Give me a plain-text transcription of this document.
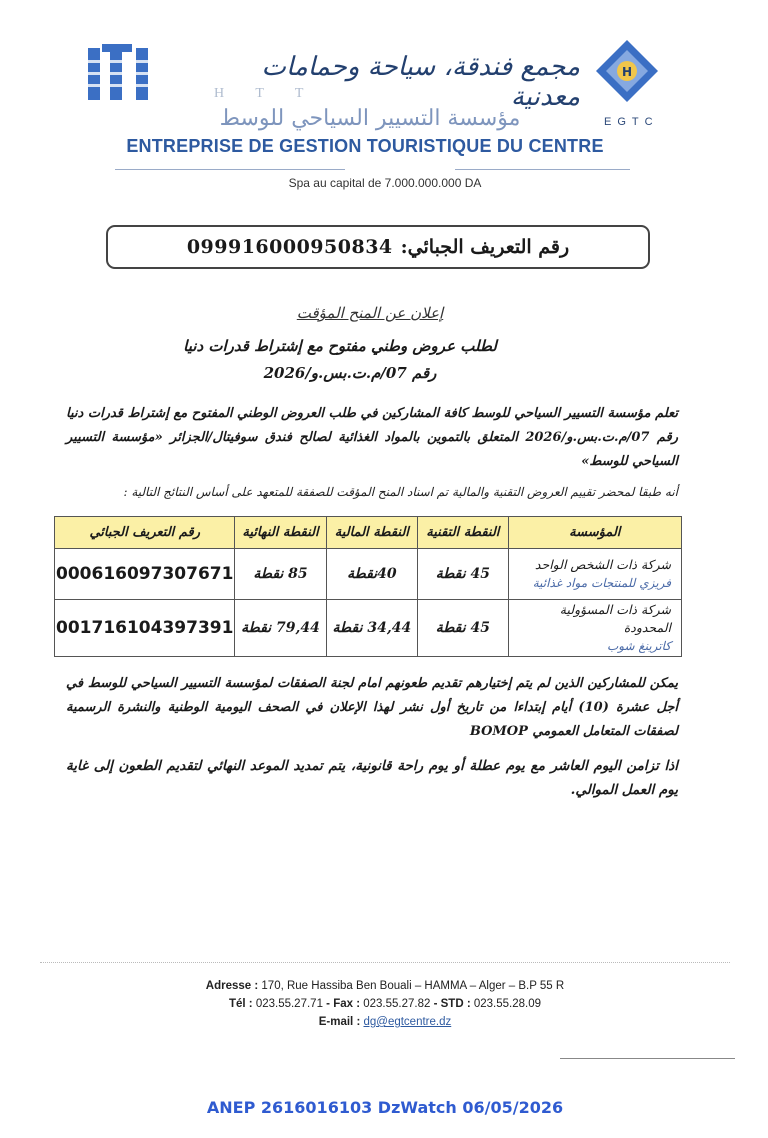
مجمع فندقة، سياحة وحمامات معدنية
H T T
مؤسسة التسيير السياحي للوسط
H
EGTC
ENTREPRISE DE GESTION TOURISTIQUE DU CENTRE
Spa au capital de 7.000.000.000 DA
رقم التعريف الجبائي:
099916000950834
إعلان عن المنح المؤقت
لطلب عروض وطني مفتوح مع إشتراط قدرات دنيا
رقم 07/م.ت.بس.و/2026
تعلم مؤسسة التسيير السياحي للوسط كافة المشاركين في طلب العروض الوطني المفتوح مع إشتراط قدرات دنيا رقم 07/م.ت.بس.و/2026 المتعلق بالتموين بالمواد الغذائية لصالح فندق سوفيتال/الجزائر «مؤسسة التسيير السياحي للوسط»
أنه طبقا لمحضر تقييم العروض التقنية والمالية تم اسناد المنح المؤقت للصفقة للمتعهد على أساس النتائج التالية :
المؤسسة	النقطة التقنية	النقطة المالية	النقطة النهائية	رقم التعريف الجبائي
شركة ذات الشخص الواحد
فريزي للمنتجات مواد غذائية	45 نقطة	40نقطة	85 نقطة	000616097307671
شركة ذات المسؤولية المحدودة
كاترينغ شوب	45 نقطة	34,44 نقطة	79,44 نقطة	001716104397391
يمكن للمشاركين الذين لم يتم إختيارهم تقديم طعونهم امام لجنة الصفقات لمؤسسة التسيير السياحي للوسط في أجل عشرة (10) أيام إبتداءا من تاريخ أول نشر لهذا الإعلان في الصحف اليومية الوطنية والنشرة الرسمية لصفقات المتعامل العمومي BOMOP
اذا تزامن اليوم العاشر مع يوم عطلة أو يوم راحة قانونية، يتم تمديد الموعد النهائي لتقديم الطعون إلى غاية يوم العمل الموالي.
Adresse : 170, Rue Hassiba Ben Bouali – HAMMA – Alger – B.P 55 R
Tél : 023.55.27.71 - Fax : 023.55.27.82 - STD : 023.55.28.09
E-mail : dg@egtcentre.dz
ANEP 2616016103 DzWatch 06/05/2026
